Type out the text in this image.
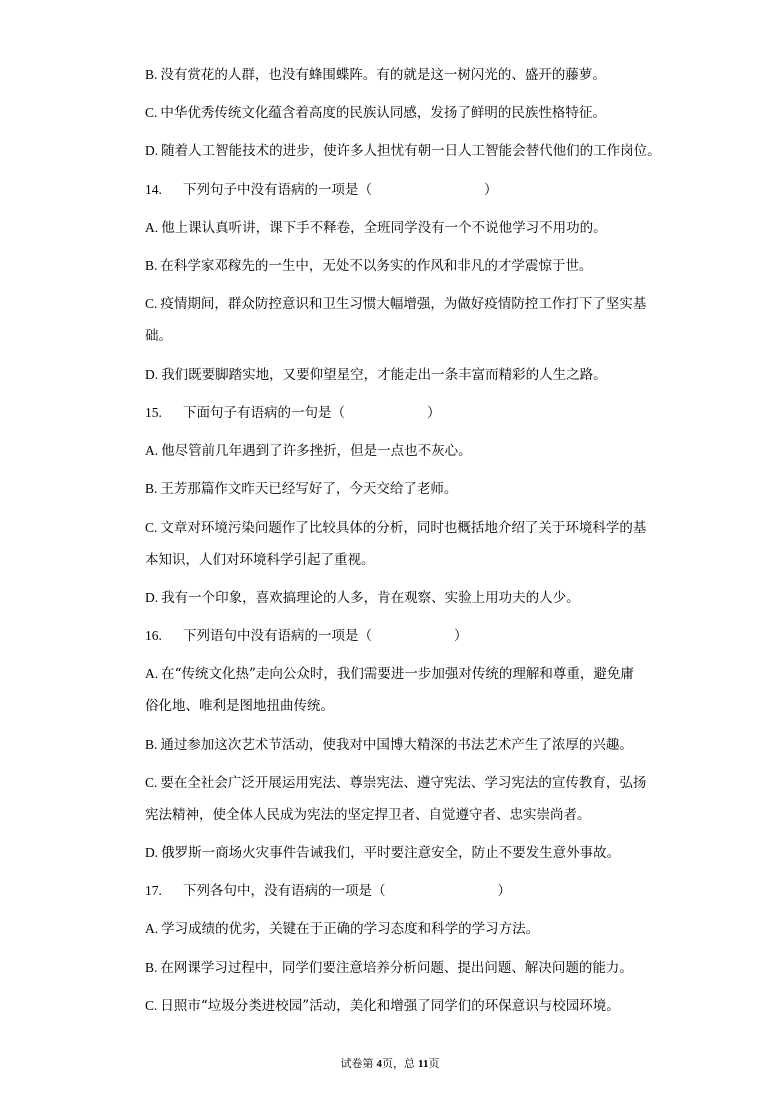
B. 没有赏花的人群，也没有蜂围蝶阵。有的就是这一树闪光的、盛开的藤萝。
C. 中华优秀传统文化蕴含着高度的民族认同感，发扬了鲜明的民族性格特征。
D. 随着人工智能技术的进步，使许多人担忧有朝一日人工智能会替代他们的工作岗位。
14. 下列句子中没有语病的一项是（	）
A. 他上课认真听讲，课下手不释卷，全班同学没有一个不说他学习不用功的。
B. 在科学家邓稼先的一生中，无处不以务实的作风和非凡的才学震惊于世。
C. 疫情期间，群众防控意识和卫生习惯大幅增强，为做好疫情防控工作打下了坚实基
础。
D. 我们既要脚踏实地，又要仰望星空，才能走出一条丰富而精彩的人生之路。
15. 下面句子有语病的一句是（	）
A. 他尽管前几年遇到了许多挫折，但是一点也不灰心。
B. 王芳那篇作文昨天已经写好了，今天交给了老师。
C. 文章对环境污染问题作了比较具体的分析，同时也概括地介绍了关于环境科学的基
本知识，人们对环境科学引起了重视。
D. 我有一个印象，喜欢搞理论的人多，肯在观察、实验上用功夫的人少。
16. 下列语句中没有语病的一项是（	）
A. 在“传统文化热”走向公众时，我们需要进一步加强对传统的理解和尊重，避免庸
俗化地、唯利是图地扭曲传统。
B. 通过参加这次艺术节活动，使我对中国博大精深的书法艺术产生了浓厚的兴趣。
C. 要在全社会广泛开展运用宪法、尊崇宪法、遵守宪法、学习宪法的宣传教育，弘扬
宪法精神，使全体人民成为宪法的坚定捍卫者、自觉遵守者、忠实崇尚者。
D. 俄罗斯一商场火灾事件告诫我们，平时要注意安全，防止不要发生意外事故。
17. 下列各句中，没有语病的一项是（	）
A. 学习成绩的优劣，关键在于正确的学习态度和科学的学习方法。
B. 在网课学习过程中，同学们要注意培养分析问题、提出问题、解决问题的能力。
C. 日照市“垃圾分类进校园”活动，美化和增强了同学们的环保意识与校园环境。
试卷第 4页，总 11页
